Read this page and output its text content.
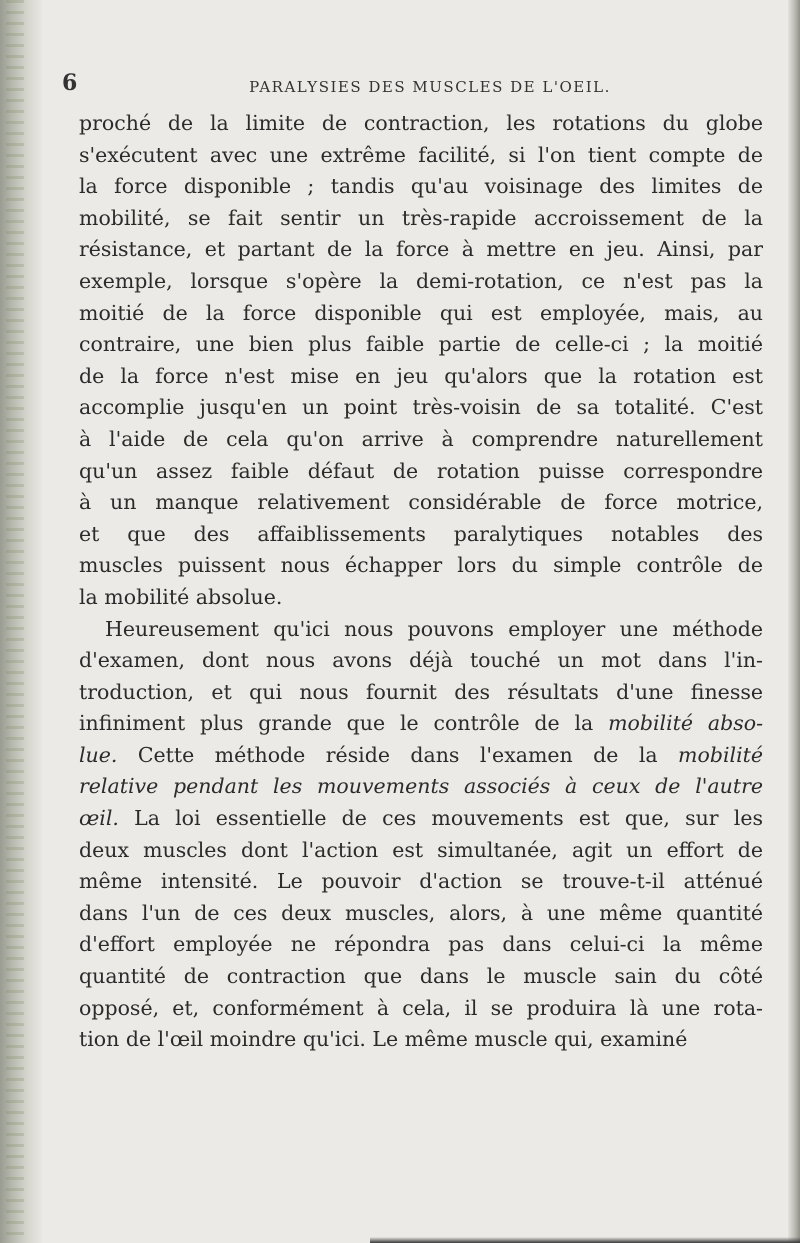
6	PARALYSIES DES MUSCLES DE L'OEIL.
proché de la limite de contraction, les rotations du globe
s'exécutent avec une extrême facilité, si l'on tient compte de
la force disponible ; tandis qu'au voisinage des limites de
mobilité, se fait sentir un très-rapide accroissement de la
résistance, et partant de la force à mettre en jeu. Ainsi, par
exemple, lorsque s'opère la demi-rotation, ce n'est pas la
moitié de la force disponible qui est employée, mais, au
contraire, une bien plus faible partie de celle-ci ; la moitié
de la force n'est mise en jeu qu'alors que la rotation est
accomplie jusqu'en un point très-voisin de sa totalité. C'est
à l'aide de cela qu'on arrive à comprendre naturellement
qu'un assez faible défaut de rotation puisse correspondre
à un manque relativement considérable de force motrice,
et que des affaiblissements paralytiques notables des
muscles puissent nous échapper lors du simple contrôle de
la mobilité absolue.
Heureusement qu'ici nous pouvons employer une méthode
d'examen, dont nous avons déjà touché un mot dans l'in-
troduction, et qui nous fournit des résultats d'une finesse
infiniment plus grande que le contrôle de la mobilité abso-
lue. Cette méthode réside dans l'examen de la mobilité
relative pendant les mouvements associés à ceux de l'autre
œil. La loi essentielle de ces mouvements est que, sur les
deux muscles dont l'action est simultanée, agit un effort de
même intensité. Le pouvoir d'action se trouve-t-il atténué
dans l'un de ces deux muscles, alors, à une même quantité
d'effort employée ne répondra pas dans celui-ci la même
quantité de contraction que dans le muscle sain du côté
opposé, et, conformément à cela, il se produira là une rota-
tion de l'œil moindre qu'ici. Le même muscle qui, examiné
